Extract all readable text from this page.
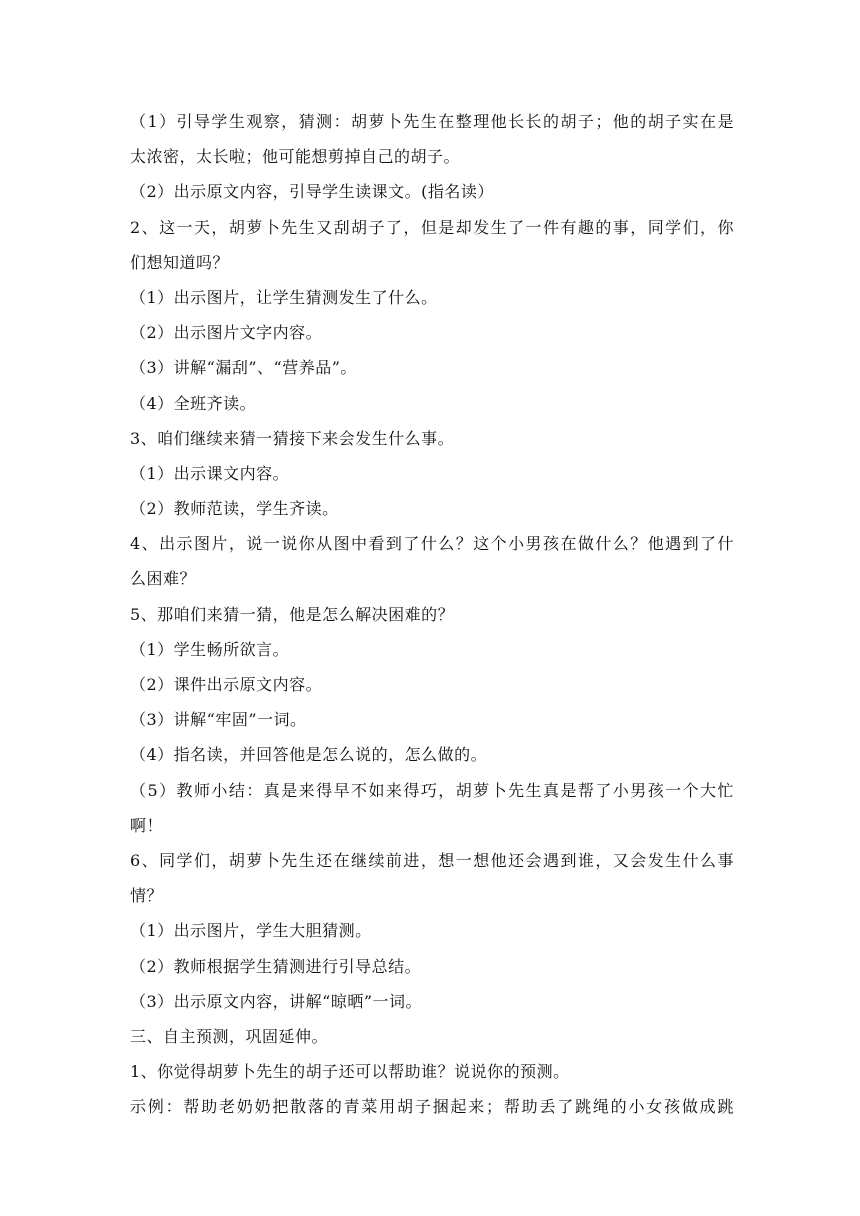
（1）引导学生观察，猜测：胡萝卜先生在整理他长长的胡子；他的胡子实在是
太浓密，太长啦；他可能想剪掉自己的胡子。
（2）出示原文内容，引导学生读课文。(指名读）
2、这一天，胡萝卜先生又刮胡子了，但是却发生了一件有趣的事，同学们，你
们想知道吗？
（1）出示图片，让学生猜测发生了什么。
（2）出示图片文字内容。
（3）讲解“漏刮”、“营养品”。
（4）全班齐读。
3、咱们继续来猜一猜接下来会发生什么事。
（1）出示课文内容。
（2）教师范读，学生齐读。
4、出示图片，说一说你从图中看到了什么？这个小男孩在做什么？他遇到了什
么困难？
5、那咱们来猜一猜，他是怎么解决困难的？
（1）学生畅所欲言。
（2）课件出示原文内容。
（3）讲解“牢固”一词。
（4）指名读，并回答他是怎么说的，怎么做的。
（5）教师小结：真是来得早不如来得巧，胡萝卜先生真是帮了小男孩一个大忙
啊！
6、同学们，胡萝卜先生还在继续前进，想一想他还会遇到谁，又会发生什么事
情？
（1）出示图片，学生大胆猜测。
（2）教师根据学生猜测进行引导总结。
（3）出示原文内容，讲解“晾晒”一词。
三、自主预测，巩固延伸。
1、你觉得胡萝卜先生的胡子还可以帮助谁？说说你的预测。
示例：帮助老奶奶把散落的青菜用胡子捆起来；帮助丢了跳绳的小女孩做成跳
